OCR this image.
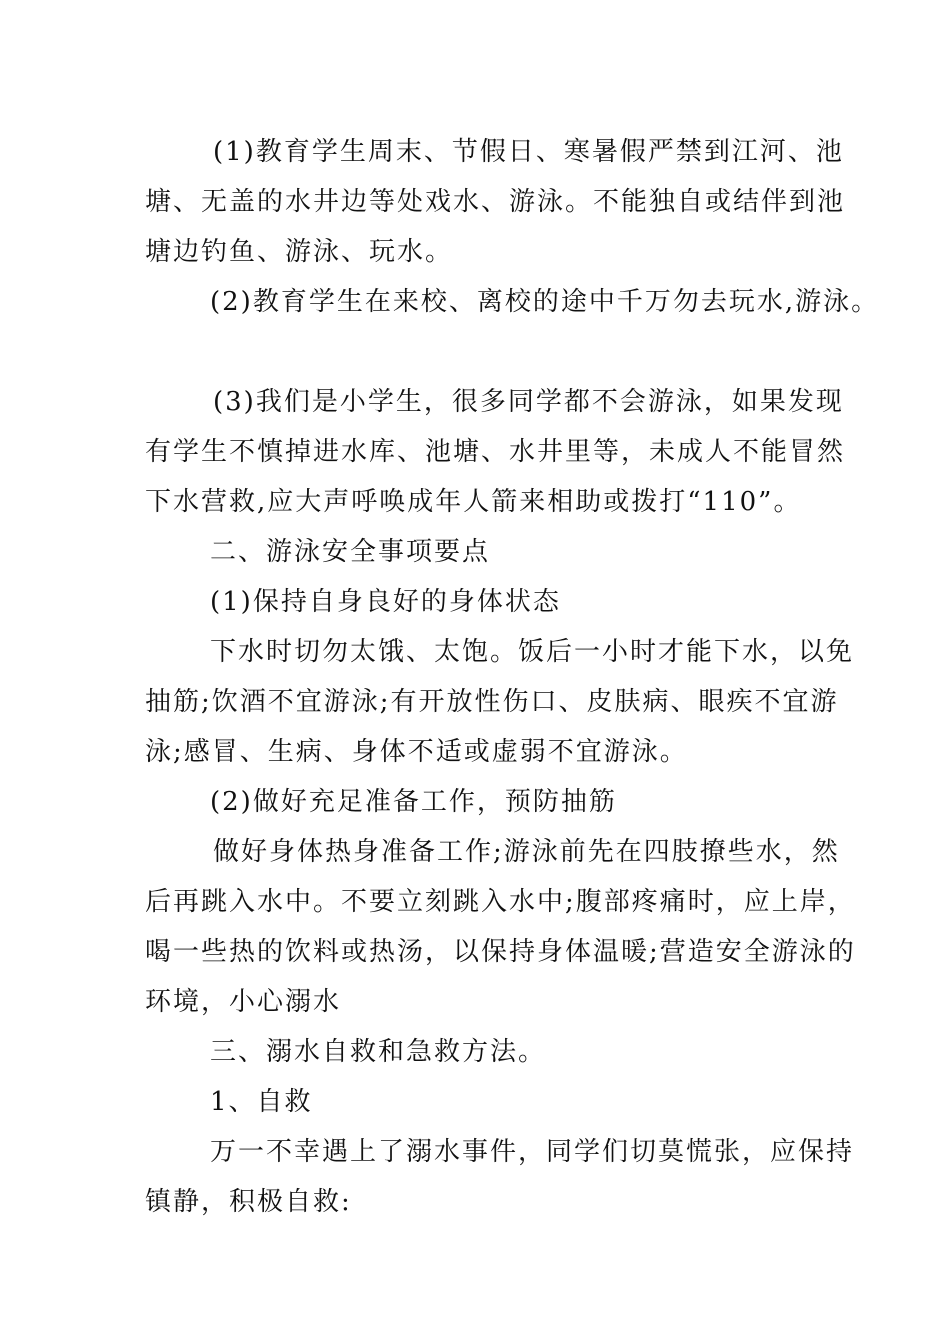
(1)教育学生周末、节假日、寒暑假严禁到江河、池
塘、无盖的水井边等处戏水、游泳。不能独自或结伴到池
塘边钓鱼、游泳、玩水。
(2)教育学生在来校、离校的途中千万勿去玩水,游泳。
(3)我们是小学生，很多同学都不会游泳，如果发现
有学生不慎掉进水库、池塘、水井里等，未成人不能冒然
下水营救,应大声呼唤成年人箭来相助或拨打“110”。
二、游泳安全事项要点
(1)保持自身良好的身体状态
下水时切勿太饿、太饱。饭后一小时才能下水，以免
抽筋;饮酒不宜游泳;有开放性伤口、皮肤病、眼疾不宜游
泳;感冒、生病、身体不适或虚弱不宜游泳。
(2)做好充足准备工作，预防抽筋
做好身体热身准备工作;游泳前先在四肢撩些水，然
后再跳入水中。不要立刻跳入水中;腹部疼痛时，应上岸，
喝一些热的饮料或热汤，以保持身体温暖;营造安全游泳的
环境，小心溺水
三、溺水自救和急救方法。
1、自救
万一不幸遇上了溺水事件，同学们切莫慌张，应保持
镇静，积极自救:
